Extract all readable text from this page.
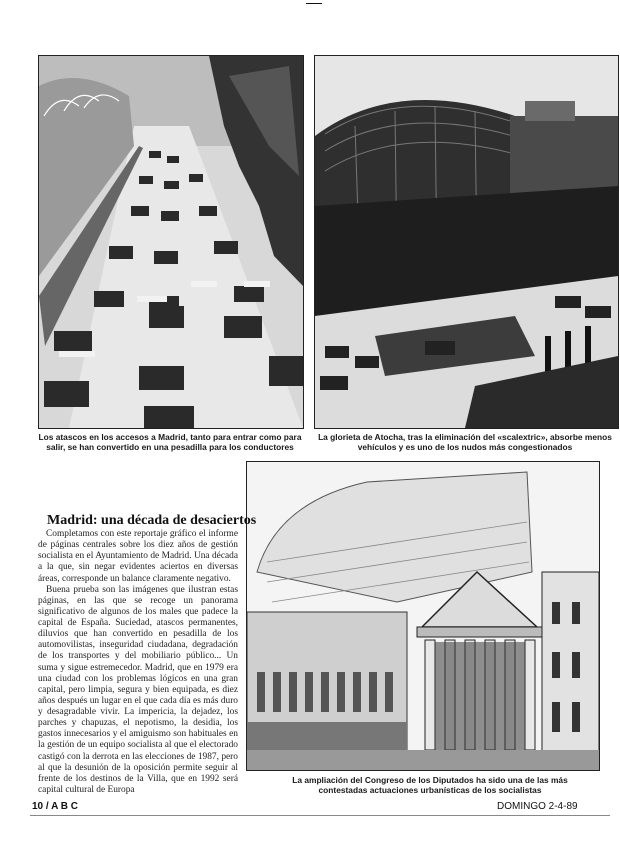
Los atascos en los accesos a Madrid, tanto para entrar como para salir, se han convertido en una pesadilla para los conductores
La glorieta de Atocha, tras la eliminación del «scalextric», absorbe menos vehículos y es uno de los nudos más congestionados
La ampliación del Congreso de los Diputados ha sido una de las más contestadas actuaciones urbanísticas de los socialistas
Madrid: una década de desaciertos

Completamos con este reportaje gráfico el informe de páginas centrales sobre los diez años de gestión socialista en el Ayuntamiento de Madrid. Una década a la que, sin negar evidentes aciertos en diversas áreas, corresponde un balance claramente negativo.

Buena prueba son las imágenes que ilustran estas páginas, en las que se recoge un panorama significativo de algunos de los males que padece la capital de España. Suciedad, atascos permanentes, diluvios que han convertido en pesadilla de los automovilistas, inseguridad ciudadana, degradación de los transportes y del mobiliario público... Un suma y sigue estremecedor. Madrid, que en 1979 era una ciudad con los problemas lógicos en una gran capital, pero limpia, segura y bien equipada, es diez años después un lugar en el que cada día es más duro y desagradable vivir. La impericia, la dejadez, los parches y chapuzas, el nepotismo, la desidia, los gastos innecesarios y el amiguismo son habituales en la gestión de un equipo socialista al que el electorado castigó con la derrota en las elecciones de 1987, pero al que la desunión de la oposición permite seguir al frente de los destinos de la Villa, que en 1992 será capital cultural de Europa

10 / A B C	DOMINGO 2-4-89
